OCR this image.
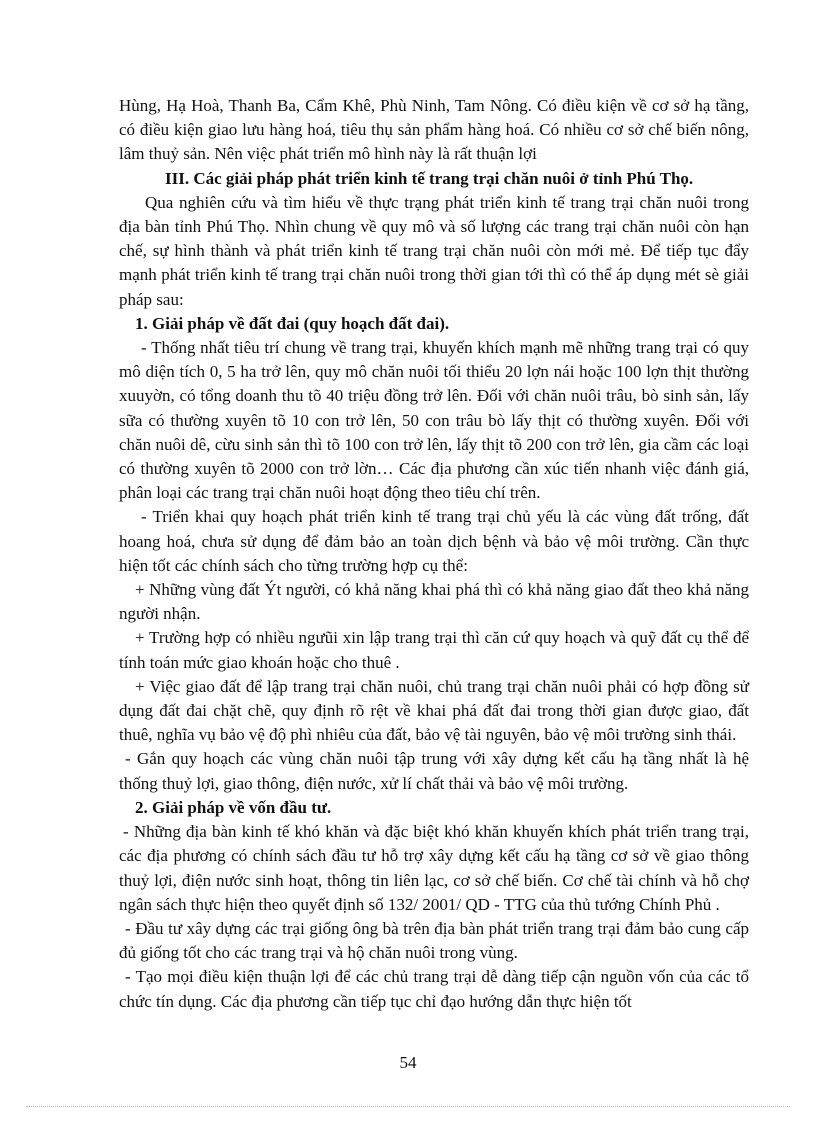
Hùng, Hạ Hoà, Thanh Ba, Cẩm Khê, Phù Ninh, Tam Nông. Có điều kiện về cơ sở hạ tầng, có điều kiện giao lưu hàng hoá, tiêu thụ sản phẩm hàng hoá. Có nhiều cơ sở chế biến nông, lâm thuỷ sản. Nên việc phát triển mô hình này là rất thuận lợi

III. Các giải pháp phát triển kinh tế trang trại chăn nuôi ở tỉnh Phú Thọ.

Qua nghiên cứu và tìm hiểu về thực trạng phát triển kinh tế trang trại chăn nuôi trong địa bàn tỉnh Phú Thọ. Nhìn chung về quy mô và số lượng các trang trại chăn nuôi còn hạn chế, sự hình thành và phát triển kinh tế trang trại chăn nuôi còn mới mẻ. Để tiếp tục đẩy mạnh phát triển kinh tế trang trại chăn nuôi trong thời gian tới thì có thể áp dụng mét sè giải pháp sau:

1. Giải pháp về đất đai (quy hoạch đất đai).

- Thống nhất tiêu trí chung về trang trại, khuyến khích mạnh mẽ những trang trại có quy mô diện tích 0, 5 ha trở lên, quy mô chăn nuôi tối thiểu 20 lợn nái hoặc 100 lợn thịt thường xuuyờn, có tổng doanh thu tõ 40 triệu đồng trở lên. Đối với chăn nuôi trâu, bò sinh sản, lấy sữa có thường xuyên tõ 10 con trở lên, 50 con trâu bò lấy thịt có thường xuyên. Đối với chăn nuôi dê, cừu sinh sản thì tõ 100 con trở lên, lấy thịt tõ 200 con trở lên, gia cầm các loại có thường xuyên tõ 2000 con trở lờn… Các địa phương cần xúc tiến nhanh việc đánh giá, phân loại các trang trại chăn nuôi hoạt động theo tiêu chí trên.

- Triển khai quy hoạch phát triển kinh tế trang trại chủ yếu là các vùng đất trống, đất hoang hoá, chưa sử dụng để đảm bảo an toàn dịch bệnh và bảo vệ môi trường. Cần thực hiện tốt các chính sách cho từng trường hợp cụ thể:

+ Những vùng đất Ýt người, có khả năng khai phá thì có khả năng giao đất theo khả năng người nhận.

+ Trường hợp có nhiều ngưũi xin lập trang trại thì căn cứ quy hoạch và quỹ đất cụ thể để tính toán mức giao khoán hoặc cho thuê .

+ Việc giao đất để lập trang trại chăn nuôi, chủ trang trại chăn nuôi phải có hợp đồng sử dụng đất đai chặt chẽ, quy định rõ rệt về khai phá đất đai trong thời gian được giao, đất thuê, nghĩa vụ bảo vệ độ phì nhiêu của đất, bảo vệ tài nguyên, bảo vệ môi trường sinh thái.

- Gắn quy hoạch các vùng chăn nuôi tập trung với xây dựng kết cấu hạ tầng nhất là hệ thống thuỷ lợi, giao thông, điện nước, xử lí chất thải và bảo vệ môi trường.

2. Giải pháp về vốn đầu tư.

- Những địa bàn kinh tế khó khăn và đặc biệt khó khăn khuyến khích phát triển trang trại, các địa phương có chính sách đầu tư hỗ trợ xây dựng kết cấu hạ tầng cơ sở về giao thông thuỷ lợi, điện nước sinh hoạt, thông tin liên lạc, cơ sở chế biến. Cơ chế tài chính và hỗ chợ ngân sách thực hiện theo quyết định số 132/ 2001/ QD - TTG của thủ tướng Chính Phủ .

- Đầu tư xây dựng các trại giống ông bà trên địa bàn phát triển trang trại đảm bảo cung cấp đủ giống tốt cho các trang trại và hộ chăn nuôi trong vùng.

- Tạo mọi điều kiện thuận lợi để các chủ trang trại dễ dàng tiếp cận nguồn vốn của các tổ chức tín dụng. Các địa phương cần tiếp tục chỉ đạo hướng dẫn thực hiện tốt

54
